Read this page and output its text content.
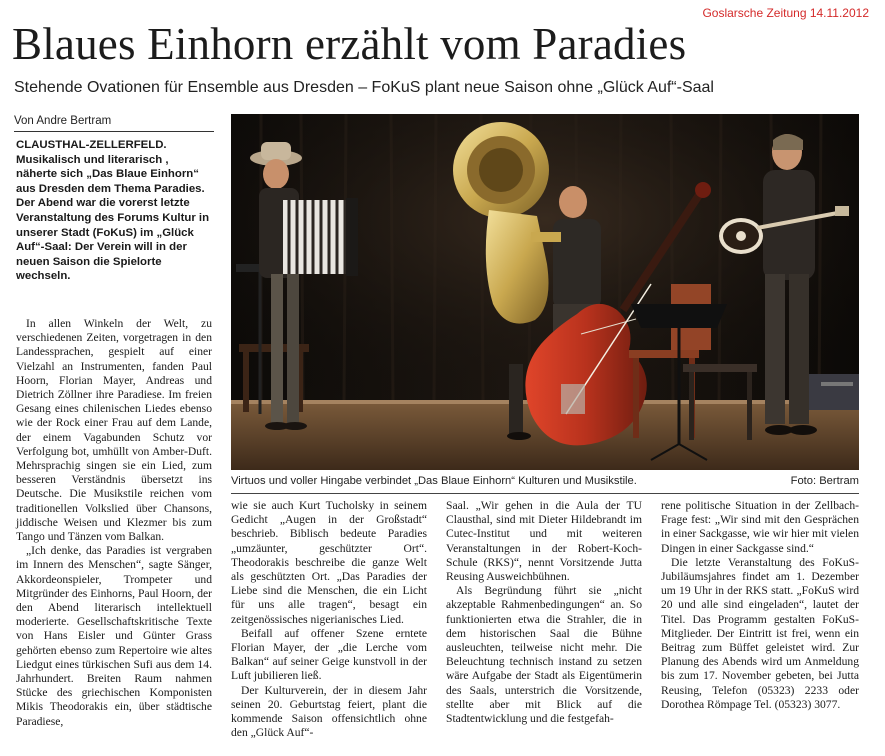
Goslarsche Zeitung 14.11.2012
Blaues Einhorn erzählt vom Paradies
Stehende Ovationen für Ensemble aus Dresden – FoKuS plant neue Saison ohne „Glück Auf“-Saal
Von Andre Bertram
CLAUSTHAL-ZELLERFELD. Musikalisch und literarisch , näherte sich „Das Blaue Einhorn“ aus Dresden dem Thema Paradies. Der Abend war die vorerst letzte Veranstaltung des Forums Kultur in unserer Stadt (FoKuS) im „Glück Auf“-Saal: Der Verein will in der neuen Saison die Spielorte wechseln.

In allen Winkeln der Welt, zu verschiedenen Zeiten, vorgetragen in den Landessprachen, gespielt auf einer Vielzahl an Instrumenten, fanden Paul Hoorn, Florian Mayer, Andreas und Dietrich Zöllner ihre Paradiese. Im freien Gesang eines chilenischen Liedes ebenso wie der Rock einer Frau auf dem Lande, der einem Vagabunden Schutz vor Verfolgung bot, umhüllt von Amber-Duft. Mehrsprachig singen sie ein Lied, zum besseren Verständnis übersetzt ins Deutsche. Die Musikstile reichen vom traditionellen Volkslied über Chansons, jiddische Weisen und Klezmer bis zum Tango und Tänzen vom Balkan.

„Ich denke, das Paradies ist vergraben im Innern des Menschen“, sagte Sänger, Akkordeonspieler, Trompeter und Mitgründer des Einhorns, Paul Hoorn, der den Abend literarisch intellektuell moderierte. Gesellschaftskritische Texte von Hans Eisler und Günter Grass gehörten ebenso zum Repertoire wie altes Liedgut eines türkischen Sufi aus dem 14. Jahrhundert. Breiten Raum nahmen Stücke des griechischen Komponisten Mikis Theodorakis ein, über städtische Paradiese,

wie sie auch Kurt Tucholsky in seinem Gedicht „Augen in der Großstadt“ beschrieb. Biblisch bedeute Paradies „umzäunter, geschützter Ort“. Theodorakis beschreibe die ganze Welt als geschützten Ort. „Das Paradies der Liebe sind die Menschen, die ein Licht für uns alle tragen“, besagt ein zeitgenössisches nigerianisches Lied.

Beifall auf offener Szene erntete Florian Mayer, der „die Lerche vom Balkan“ auf seiner Geige kunstvoll in der Luft jubilieren ließ.

Der Kulturverein, der in diesem Jahr seinen 20. Geburtstag feiert, plant die kommende Saison offensichtlich ohne den „Glück Auf“-

Saal. „Wir gehen in die Aula der TU Clausthal, sind mit Dieter Hildebrandt im Cutec-Institut und mit weiteren Veranstaltungen in der Robert-Koch-Schule (RKS)“, nennt Vorsitzende Jutta Reusing Ausweichbühnen.

Als Begründung führt sie „nicht akzeptable Rahmenbedingungen“ an. So funktionierten etwa die Strahler, die in dem historischen Saal die Bühne ausleuchten, teilweise nicht mehr. Die Beleuchtung technisch instand zu setzen wäre Aufgabe der Stadt als Eigentümerin des Saals, unterstrich die Vorsitzende, stellte aber mit Blick auf die Stadtentwicklung und die festgefah-

rene politische Situation in der Zellbach-Frage fest: „Wir sind mit den Gesprächen in einer Sackgasse, wie wir hier mit vielen Dingen in einer Sackgasse sind.“

Die letzte Veranstaltung des FoKuS-Jubiläumsjahres findet am 1. Dezember um 19 Uhr in der RKS statt. „FoKuS wird 20 und alle sind eingeladen“, lautet der Titel. Das Programm gestalten FoKuS-Mitglieder. Der Eintritt ist frei, wenn ein Beitrag zum Büffet geleistet wird. Zur Planung des Abends wird um Anmeldung bis zum 17. November gebeten, bei Jutta Reusing, Telefon (05323) 2233 oder Dorothea Römpage Tel. (05323) 3077.

Virtuos und voller Hingabe verbindet „Das Blaue Einhorn“ Kulturen und Musikstile.	Foto: Bertram
